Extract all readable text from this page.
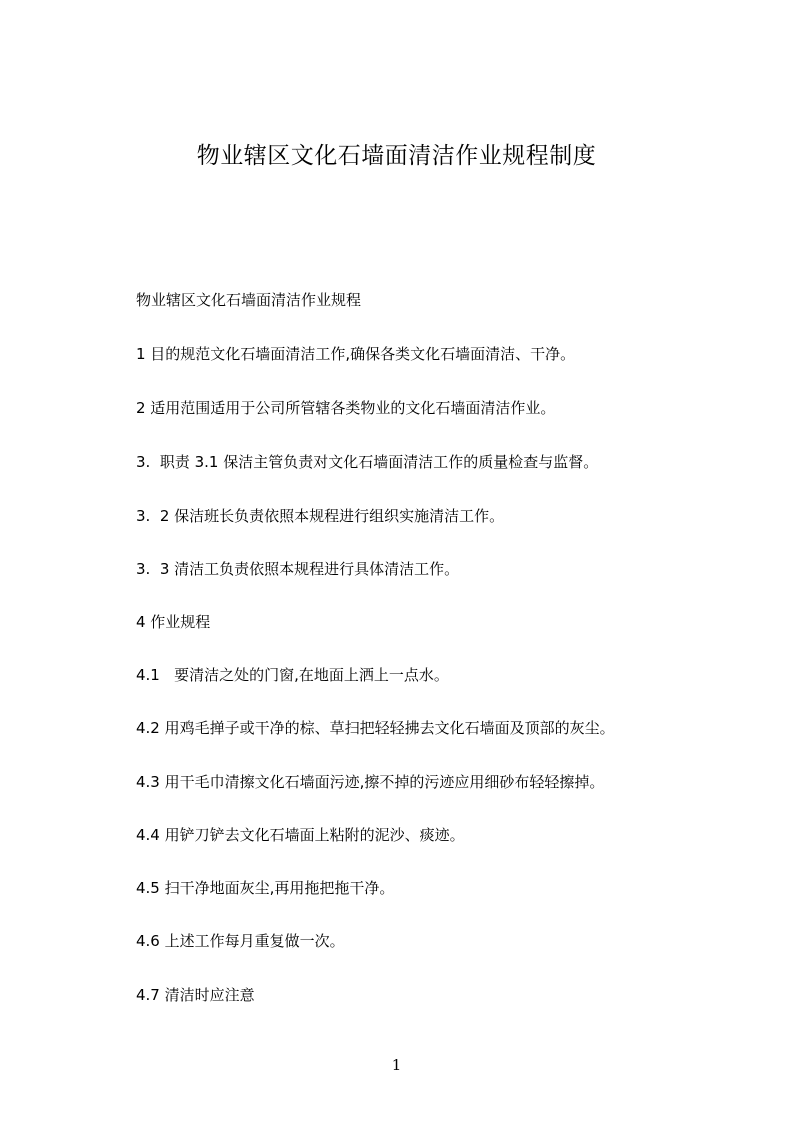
物业辖区文化石墙面清洁作业规程制度
物业辖区文化石墙面清洁作业规程
1 目的规范文化石墙面清洁工作,确保各类文化石墙面清洁、干净。
2 适用范围适用于公司所管辖各类物业的文化石墙面清洁作业。
3.  职责 3.1 保洁主管负责对文化石墙面清洁工作的质量检查与监督。
3.  2 保洁班长负责依照本规程进行组织实施清洁工作。
3.  3 清洁工负责依照本规程进行具体清洁工作。
4 作业规程
4.1   要清洁之处的门窗,在地面上洒上一点水。
4.2 用鸡毛掸子或干净的棕、草扫把轻轻拂去文化石墙面及顶部的灰尘。
4.3 用干毛巾清擦文化石墙面污迹,擦不掉的污迹应用细砂布轻轻擦掉。
4.4 用铲刀铲去文化石墙面上粘附的泥沙、痰迹。
4.5 扫干净地面灰尘,再用拖把拖干净。
4.6 上述工作每月重复做一次。
4.7 清洁时应注意
1
